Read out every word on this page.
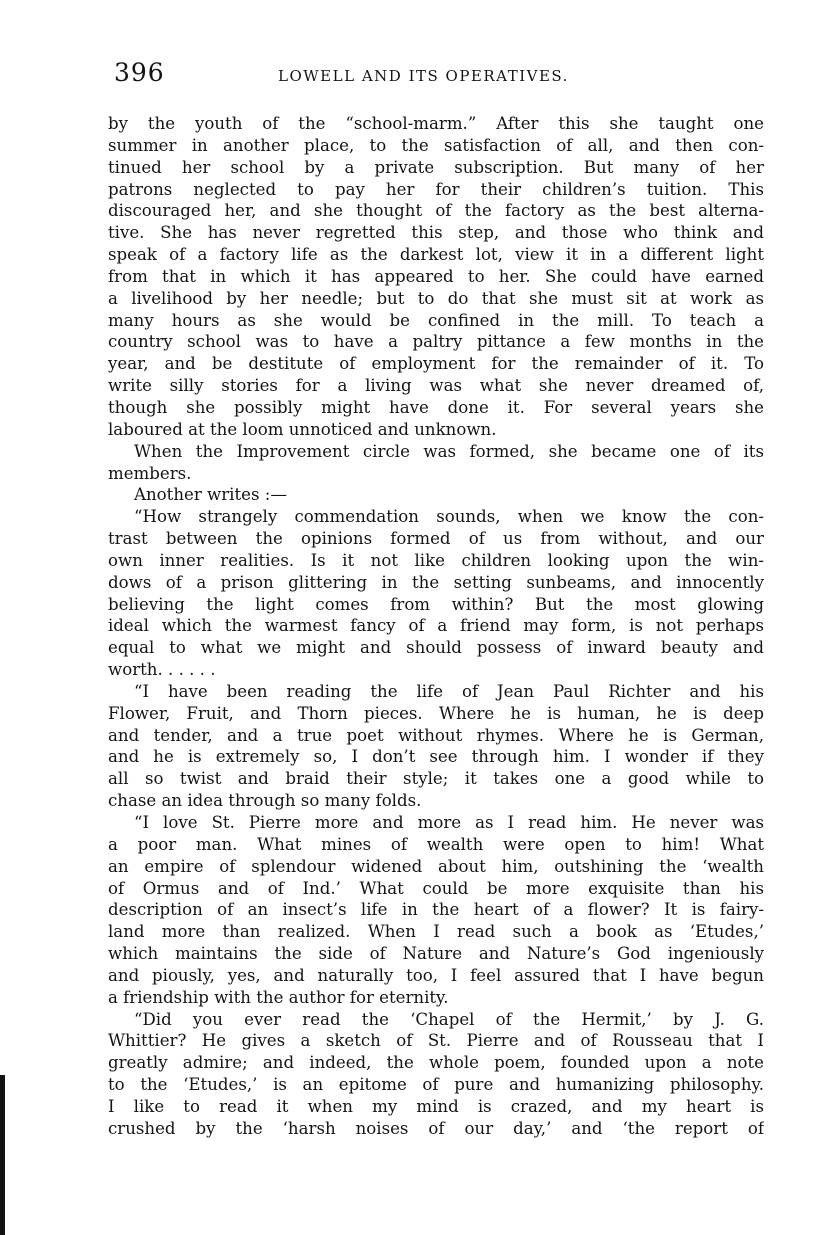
396	LOWELL AND ITS OPERATIVES.
by the youth of the “school-marm.” After this she taught one
summer in another place, to the satisfaction of all, and then con-
tinued her school by a private subscription. But many of her
patrons neglected to pay her for their children’s tuition. This
discouraged her, and she thought of the factory as the best alterna-
tive. She has never regretted this step, and those who think and
speak of a factory life as the darkest lot, view it in a different light
from that in which it has appeared to her. She could have earned
a livelihood by her needle; but to do that she must sit at work as
many hours as she would be confined in the mill. To teach a
country school was to have a paltry pittance a few months in the
year, and be destitute of employment for the remainder of it. To
write silly stories for a living was what she never dreamed of,
though she possibly might have done it. For several years she
laboured at the loom unnoticed and unknown.
When the Improvement circle was formed, she became one of its
members.
Another writes :—
“How strangely commendation sounds, when we know the con-
trast between the opinions formed of us from without, and our
own inner realities. Is it not like children looking upon the win-
dows of a prison glittering in the setting sunbeams, and innocently
believing the light comes from within? But the most glowing
ideal which the warmest fancy of a friend may form, is not perhaps
equal to what we might and should possess of inward beauty and
worth. . . . . .
“I have been reading the life of Jean Paul Richter and his
Flower, Fruit, and Thorn pieces. Where he is human, he is deep
and tender, and a true poet without rhymes. Where he is German,
and he is extremely so, I don’t see through him. I wonder if they
all so twist and braid their style; it takes one a good while to
chase an idea through so many folds.
“I love St. Pierre more and more as I read him. He never was
a poor man. What mines of wealth were open to him! What
an empire of splendour widened about him, outshining the ‘wealth
of Ormus and of Ind.’ What could be more exquisite than his
description of an insect’s life in the heart of a flower? It is fairy-
land more than realized. When I read such a book as ‘Etudes,’
which maintains the side of Nature and Nature’s God ingeniously
and piously, yes, and naturally too, I feel assured that I have begun
a friendship with the author for eternity.
“Did you ever read the ‘Chapel of the Hermit,’ by J. G.
Whittier? He gives a sketch of St. Pierre and of Rousseau that I
greatly admire; and indeed, the whole poem, founded upon a note
to the ‘Etudes,’ is an epitome of pure and humanizing philosophy.
I like to read it when my mind is crazed, and my heart is
crushed by the ‘harsh noises of our day,’ and ‘the report of
